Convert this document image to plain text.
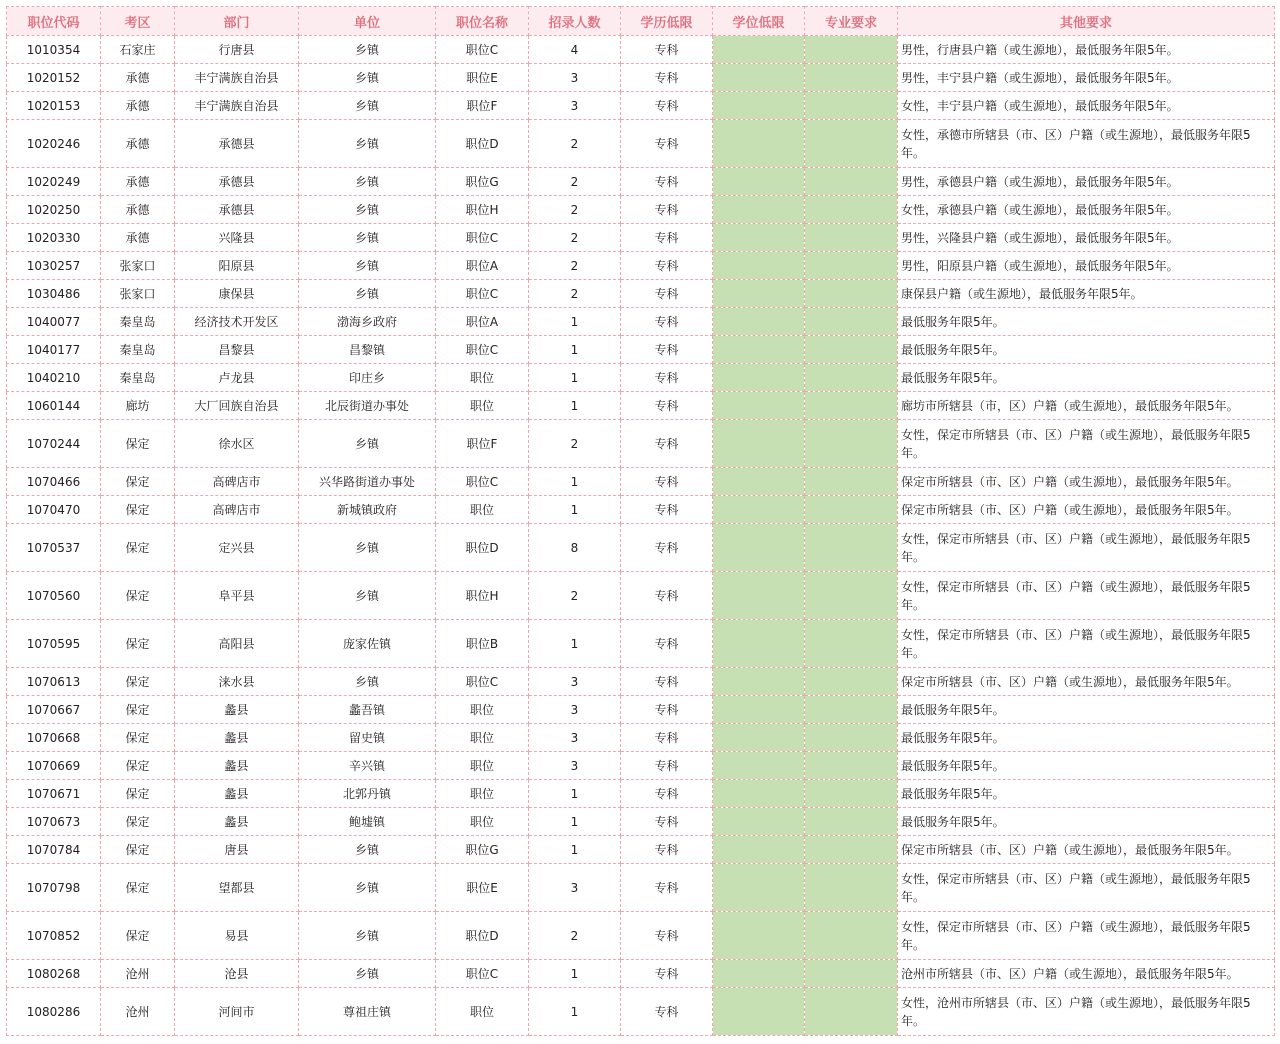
职位代码	考区	部门	单位	职位名称	招录人数	学历低限	学位低限	专业要求	其他要求
1010354	石家庄	行唐县	乡镇	职位C	4	专科			男性，行唐县户籍（或生源地），最低服务年限5年。
1020152	承德	丰宁满族自治县	乡镇	职位E	3	专科			男性，丰宁县户籍（或生源地），最低服务年限5年。
1020153	承德	丰宁满族自治县	乡镇	职位F	3	专科			女性，丰宁县户籍（或生源地），最低服务年限5年。
1020246	承德	承德县	乡镇	职位D	2	专科			女性，承德市所辖县（市、区）户籍（或生源地），最低服务年限5年。
1020249	承德	承德县	乡镇	职位G	2	专科			男性，承德县户籍（或生源地），最低服务年限5年。
1020250	承德	承德县	乡镇	职位H	2	专科			女性，承德县户籍（或生源地），最低服务年限5年。
1020330	承德	兴隆县	乡镇	职位C	2	专科			男性，兴隆县户籍（或生源地），最低服务年限5年。
1030257	张家口	阳原县	乡镇	职位A	2	专科			男性，阳原县户籍（或生源地），最低服务年限5年。
1030486	张家口	康保县	乡镇	职位C	2	专科			康保县户籍（或生源地），最低服务年限5年。
1040077	秦皇岛	经济技术开发区	渤海乡政府	职位A	1	专科			最低服务年限5年。
1040177	秦皇岛	昌黎县	昌黎镇	职位C	1	专科			最低服务年限5年。
1040210	秦皇岛	卢龙县	印庄乡	职位	1	专科			最低服务年限5年。
1060144	廊坊	大厂回族自治县	北辰街道办事处	职位	1	专科			廊坊市所辖县（市，区）户籍（或生源地），最低服务年限5年。
1070244	保定	徐水区	乡镇	职位F	2	专科			女性，保定市所辖县（市、区）户籍（或生源地），最低服务年限5年。
1070466	保定	高碑店市	兴华路街道办事处	职位C	1	专科			保定市所辖县（市、区）户籍（或生源地），最低服务年限5年。
1070470	保定	高碑店市	新城镇政府	职位	1	专科			保定市所辖县（市、区）户籍（或生源地），最低服务年限5年。
1070537	保定	定兴县	乡镇	职位D	8	专科			女性，保定市所辖县（市、区）户籍（或生源地），最低服务年限5年。
1070560	保定	阜平县	乡镇	职位H	2	专科			女性，保定市所辖县（市、区）户籍（或生源地），最低服务年限5年。
1070595	保定	高阳县	庞家佐镇	职位B	1	专科			女性，保定市所辖县（市、区）户籍（或生源地），最低服务年限5年。
1070613	保定	涞水县	乡镇	职位C	3	专科			保定市所辖县（市、区）户籍（或生源地），最低服务年限5年。
1070667	保定	蠡县	蠡吾镇	职位	3	专科			最低服务年限5年。
1070668	保定	蠡县	留史镇	职位	3	专科			最低服务年限5年。
1070669	保定	蠡县	辛兴镇	职位	3	专科			最低服务年限5年。
1070671	保定	蠡县	北郭丹镇	职位	1	专科			最低服务年限5年。
1070673	保定	蠡县	鲍墟镇	职位	1	专科			最低服务年限5年。
1070784	保定	唐县	乡镇	职位G	1	专科			保定市所辖县（市、区）户籍（或生源地），最低服务年限5年。
1070798	保定	望都县	乡镇	职位E	3	专科			女性，保定市所辖县（市、区）户籍（或生源地），最低服务年限5年。
1070852	保定	易县	乡镇	职位D	2	专科			女性，保定市所辖县（市、区）户籍（或生源地），最低服务年限5年。
1080268	沧州	沧县	乡镇	职位C	1	专科			沧州市所辖县（市、区）户籍（或生源地），最低服务年限5年。
1080286	沧州	河间市	尊祖庄镇	职位	1	专科			女性，沧州市所辖县（市、区）户籍（或生源地），最低服务年限5年。
